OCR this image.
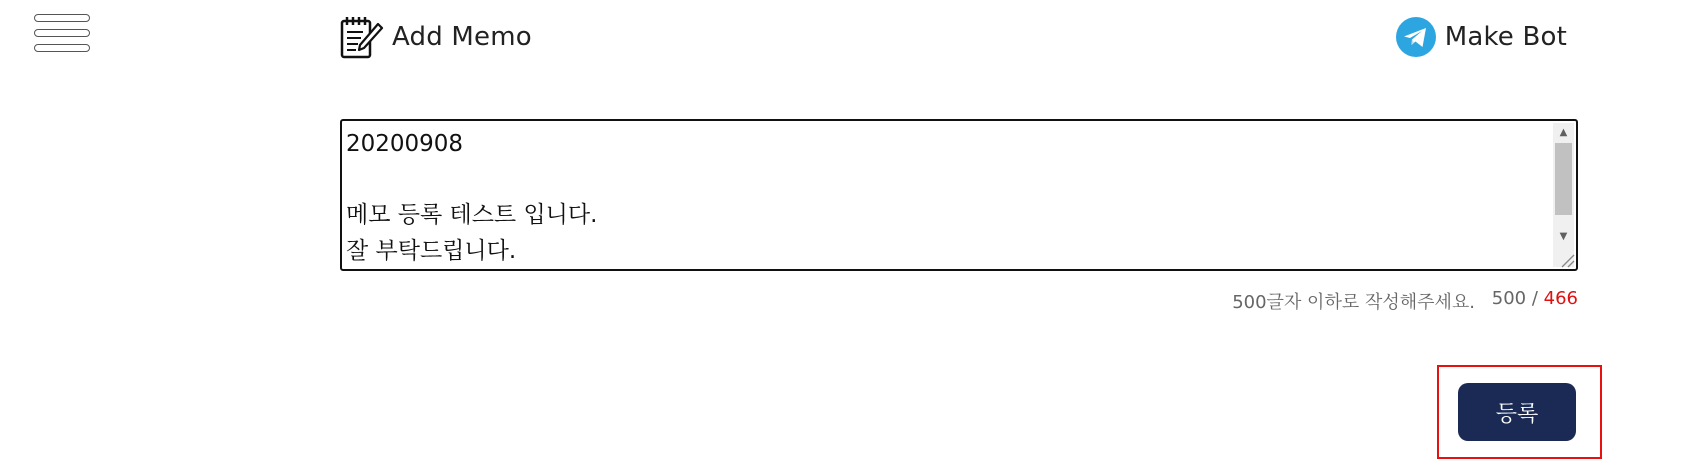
Add Memo	Make Bot
20200908

메모 등록 테스트 입니다.
잘 부탁드립니다.
▲
▼
500글자 이하로 작성해주세요. 500 / 466
등록
